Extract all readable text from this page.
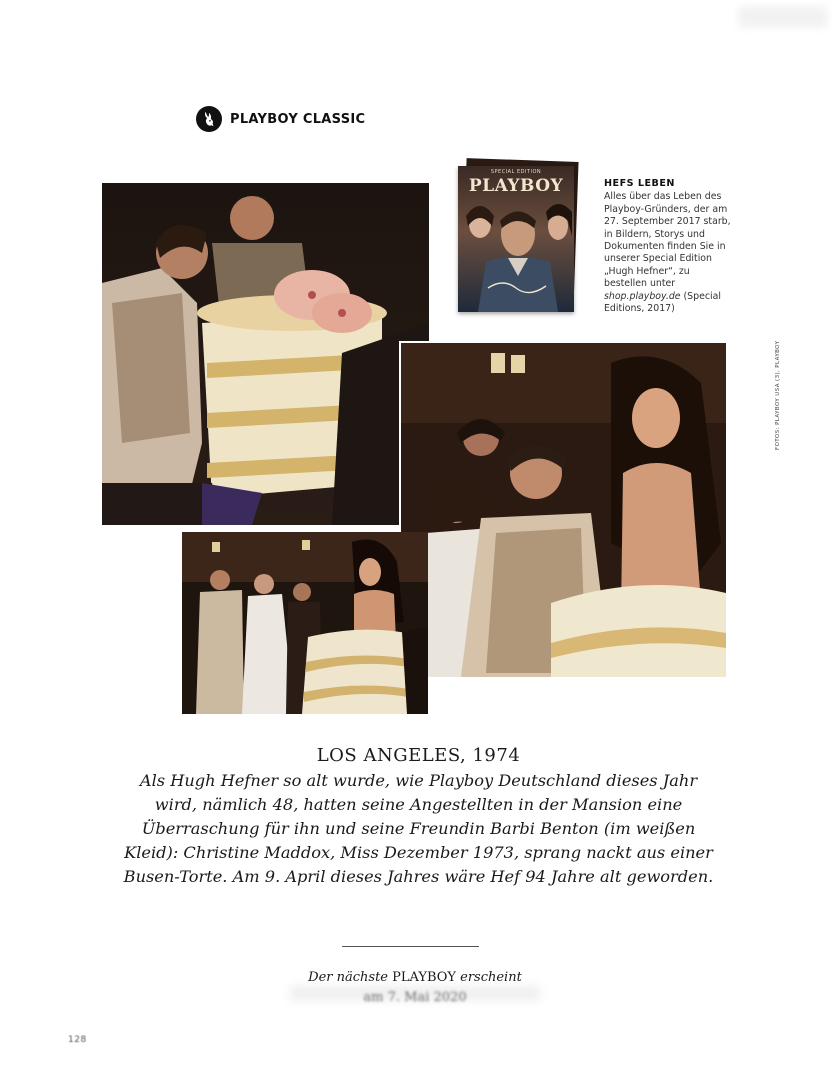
PLAYBOY CLASSIC
SPECIAL EDITION
PLAYBOY	HEFS LEBEN
Alles über das Leben des Playboy-Gründers, der am 27. September 2017 starb, in Bildern, Storys und Dokumenten finden Sie in unserer Special Edition „Hugh Hefner“, zu bestellen unter shop.playboy.de (Special Editions, 2017)
FOTOS: PLAYBOY USA (3), PLAYBOY
LOS ANGELES, 1974
Als Hugh Hefner so alt wurde, wie Playboy Deutschland dieses Jahr wird, nämlich 48, hatten seine Angestellten in der Mansion eine Überraschung für ihn und seine Freundin Barbi Benton (im weißen Kleid): Christine Maddox, Miss Dezember 1973, sprang nackt aus einer Busen-Torte. Am 9. April dieses Jahres wäre Hef 94 Jahre alt geworden.
Der nächste PLAYBOY erscheint
am 7. Mai 2020
128
